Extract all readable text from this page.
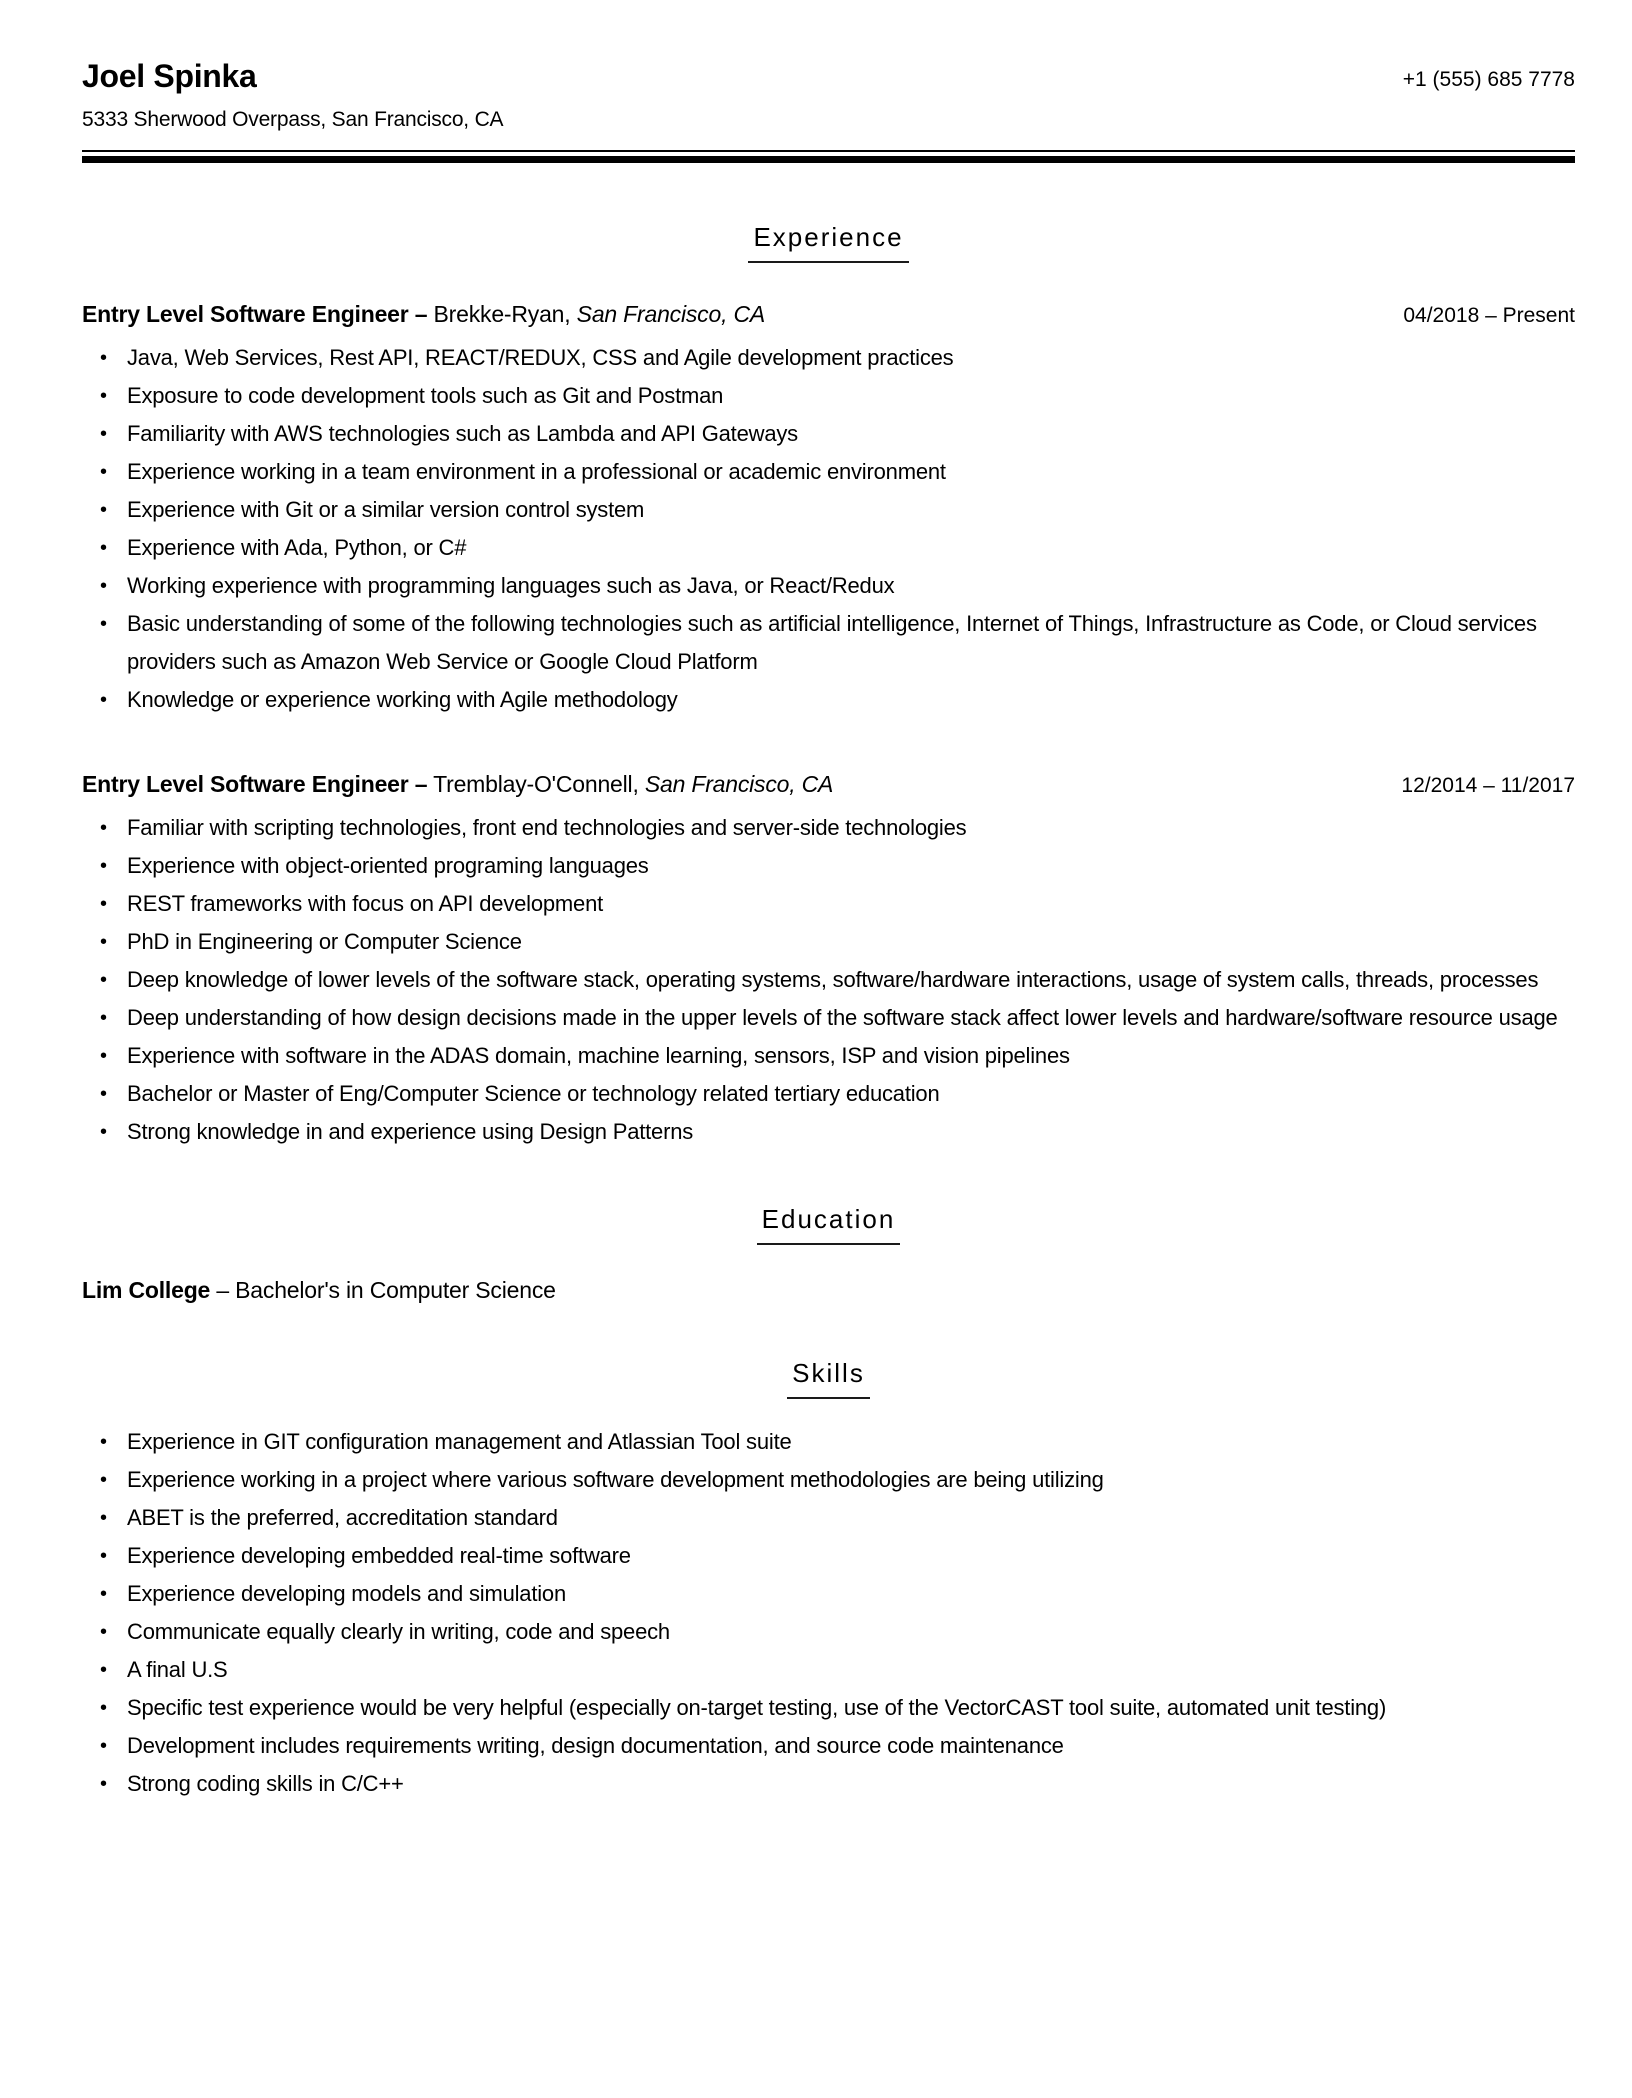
Joel Spinka
5333 Sherwood Overpass, San Francisco, CA
+1 (555) 685 7778
Experience
Entry Level Software Engineer – Brekke-Ryan, San Francisco, CA	04/2018 – Present
• Java, Web Services, Rest API, REACT/REDUX, CSS and Agile development practices
• Exposure to code development tools such as Git and Postman
• Familiarity with AWS technologies such as Lambda and API Gateways
• Experience working in a team environment in a professional or academic environment
• Experience with Git or a similar version control system
• Experience with Ada, Python, or C#
• Working experience with programming languages such as Java, or React/Redux
• Basic understanding of some of the following technologies such as artificial intelligence, Internet of Things, Infrastructure as Code, or Cloud services providers such as Amazon Web Service or Google Cloud Platform
• Knowledge or experience working with Agile methodology
Entry Level Software Engineer – Tremblay-O'Connell, San Francisco, CA	12/2014 – 11/2017
• Familiar with scripting technologies, front end technologies and server-side technologies
• Experience with object-oriented programing languages
• REST frameworks with focus on API development
• PhD in Engineering or Computer Science
• Deep knowledge of lower levels of the software stack, operating systems, software/hardware interactions, usage of system calls, threads, processes
• Deep understanding of how design decisions made in the upper levels of the software stack affect lower levels and hardware/software resource usage
• Experience with software in the ADAS domain, machine learning, sensors, ISP and vision pipelines
• Bachelor or Master of Eng/Computer Science or technology related tertiary education
• Strong knowledge in and experience using Design Patterns
Education
Lim College – Bachelor's in Computer Science
Skills
• Experience in GIT configuration management and Atlassian Tool suite
• Experience working in a project where various software development methodologies are being utilizing
• ABET is the preferred, accreditation standard
• Experience developing embedded real-time software
• Experience developing models and simulation
• Communicate equally clearly in writing, code and speech
• A final U.S
• Specific test experience would be very helpful (especially on-target testing, use of the VectorCAST tool suite, automated unit testing)
• Development includes requirements writing, design documentation, and source code maintenance
• Strong coding skills in C/C++
